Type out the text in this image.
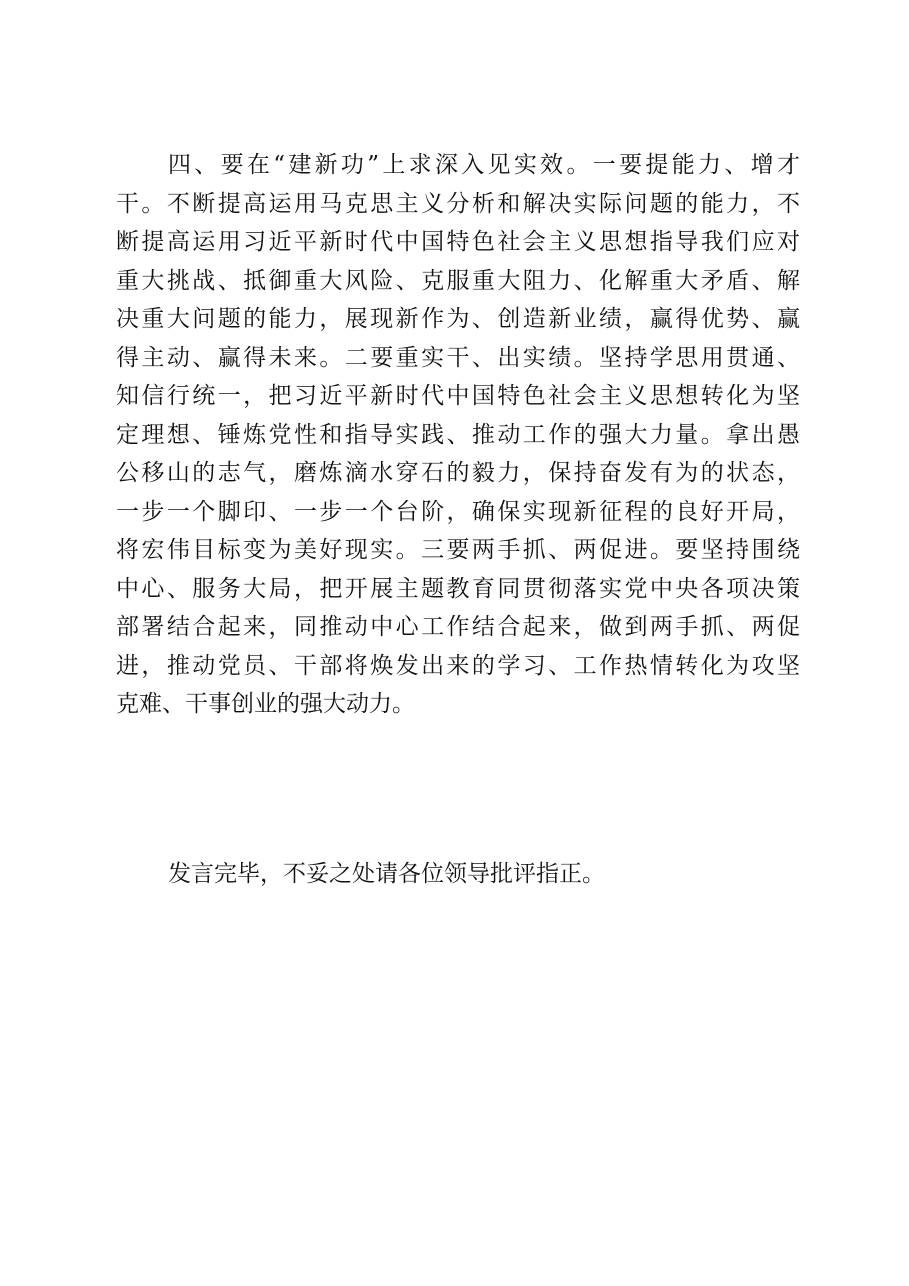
四、要在“建新功”上求深入见实效。一要提能力、增才
干。不断提高运用马克思主义分析和解决实际问题的能力，不
断提高运用习近平新时代中国特色社会主义思想指导我们应对
重大挑战、抵御重大风险、克服重大阻力、化解重大矛盾、解
决重大问题的能力，展现新作为、创造新业绩，赢得优势、赢
得主动、赢得未来。二要重实干、出实绩。坚持学思用贯通、
知信行统一，把习近平新时代中国特色社会主义思想转化为坚
定理想、锤炼党性和指导实践、推动工作的强大力量。拿出愚
公移山的志气，磨炼滴水穿石的毅力，保持奋发有为的状态，
一步一个脚印、一步一个台阶，确保实现新征程的良好开局，
将宏伟目标变为美好现实。三要两手抓、两促进。要坚持围绕
中心、服务大局，把开展主题教育同贯彻落实党中央各项决策
部署结合起来，同推动中心工作结合起来，做到两手抓、两促
进，推动党员、干部将焕发出来的学习、工作热情转化为攻坚
克难、干事创业的强大动力。
发言完毕，不妥之处请各位领导批评指正。
